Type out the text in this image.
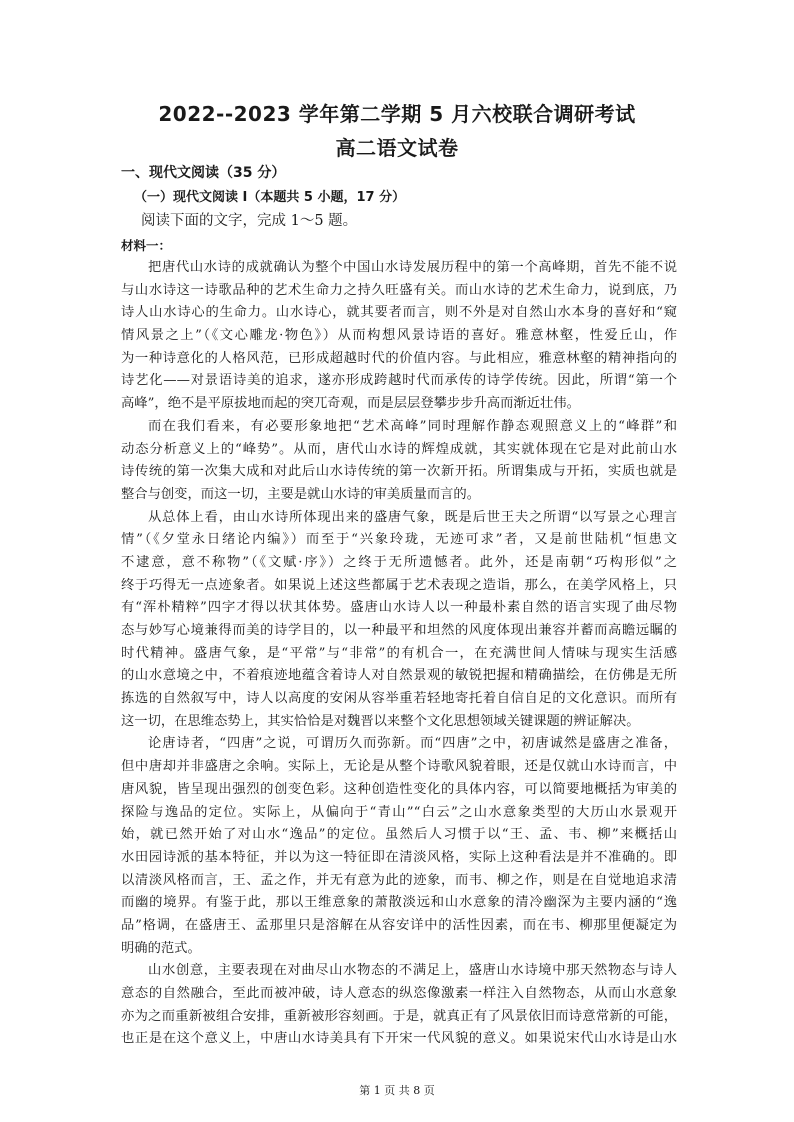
2022--2023 学年第二学期 5 月六校联合调研考试
高二语文试卷
一、现代文阅读（35 分）
（一）现代文阅读 I（本题共 5 小题，17 分）
阅读下面的文字，完成 1～5 题。
材料一：
把唐代山水诗的成就确认为整个中国山水诗发展历程中的第一个高峰期，首先不能不说
与山水诗这一诗歌品种的艺术生命力之持久旺盛有关。而山水诗的艺术生命力，说到底，乃
诗人山水诗心的生命力。山水诗心，就其要者而言，则不外是对自然山水本身的喜好和“窥
情风景之上”（《文心雕龙·物色》）从而构想风景诗语的喜好。雅意林壑，性爱丘山，作
为一种诗意化的人格风范，已形成超越时代的价值内容。与此相应，雅意林壑的精神指向的
诗艺化——对景语诗美的追求，遂亦形成跨越时代而承传的诗学传统。因此，所谓“第一个
高峰”，绝不是平原拔地而起的突兀奇观，而是层层登攀步步升高而渐近壮伟。
而在我们看来，有必要形象地把“艺术高峰”同时理解作静态观照意义上的“峰群”和
动态分析意义上的“峰势”。从而，唐代山水诗的辉煌成就，其实就体现在它是对此前山水
诗传统的第一次集大成和对此后山水诗传统的第一次新开拓。所谓集成与开拓，实质也就是
整合与创变，而这一切，主要是就山水诗的审美质量而言的。
从总体上看，由山水诗所体现出来的盛唐气象，既是后世王夫之所谓“以写景之心理言
情”（《夕堂永日绪论内编》）而至于“兴象玲珑，无迹可求”者，又是前世陆机“恒患文
不逮意，意不称物”（《文赋·序》）之终于无所遗憾者。此外，还是南朝“巧构形似”之
终于巧得无一点迹象者。如果说上述这些都属于艺术表现之造诣，那么，在美学风格上，只
有“浑朴精粹”四字才得以状其体势。盛唐山水诗人以一种最朴素自然的语言实现了曲尽物
态与妙写心境兼得而美的诗学目的，以一种最平和坦然的风度体现出兼容并蓄而高瞻远瞩的
时代精神。盛唐气象，是“平常”与“非常”的有机合一，在充满世间人情味与现实生活感
的山水意境之中，不着痕迹地蕴含着诗人对自然景观的敏锐把握和精确描绘，在仿佛是无所
拣选的自然叙写中，诗人以高度的安闲从容举重若轻地寄托着自信自足的文化意识。而所有
这一切，在思维态势上，其实恰恰是对魏晋以来整个文化思想领域关键课题的辨证解决。
论唐诗者，“四唐”之说，可谓历久而弥新。而“四唐”之中，初唐诚然是盛唐之准备，
但中唐却并非盛唐之余响。实际上，无论是从整个诗歌风貌着眼，还是仅就山水诗而言，中
唐风貌，皆呈现出强烈的创变色彩。这种创造性变化的具体内容，可以简要地概括为审美的
探险与逸品的定位。实际上，从偏向于“青山”“白云”之山水意象类型的大历山水景观开
始，就已然开始了对山水“逸品”的定位。虽然后人习惯于以“王、孟、韦、柳”来概括山
水田园诗派的基本特征，并以为这一特征即在清淡风格，实际上这种看法是并不准确的。即
以清淡风格而言，王、孟之作，并无有意为此的迹象，而韦、柳之作，则是在自觉地追求清
而幽的境界。有鉴于此，那以王维意象的萧散淡远和山水意象的清冷幽深为主要内涵的“逸
品”格调，在盛唐王、孟那里只是溶解在从容安详中的活性因素，而在韦、柳那里便凝定为
明确的范式。
山水创意，主要表现在对曲尽山水物态的不满足上，盛唐山水诗境中那天然物态与诗人
意态的自然融合，至此而被冲破，诗人意态的纵恣像激素一样注入自然物态，从而山水意象
亦为之而重新被组合安排，重新被形容刻画。于是，就真正有了风景依旧而诗意常新的可能，
也正是在这个意义上，中唐山水诗美具有下开宋一代风貌的意义。如果说宋代山水诗是山水
第 1 页 共 8 页
